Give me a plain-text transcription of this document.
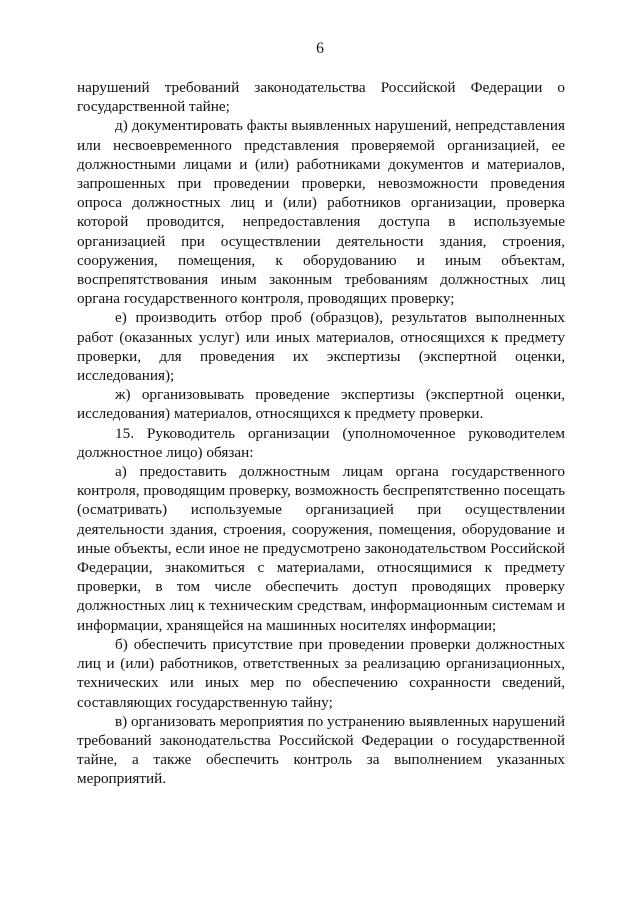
6

нарушений требований законодательства Российской Федерации о государственной тайне;

д) документировать факты выявленных нарушений, непредставления или несвоевременного представления проверяемой организацией, ее должностными лицами и (или) работниками документов и материалов, запрошенных при проведении проверки, невозможности проведения опроса должностных лиц и (или) работников организации, проверка которой проводится, непредоставления доступа в используемые организацией при осуществлении деятельности здания, строения, сооружения, помещения, к оборудованию и иным объектам, воспрепятствования иным законным требованиям должностных лиц органа государственного контроля, проводящих проверку;

е) производить отбор проб (образцов), результатов выполненных работ (оказанных услуг) или иных материалов, относящихся к предмету проверки, для проведения их экспертизы (экспертной оценки, исследования);

ж) организовывать проведение экспертизы (экспертной оценки, исследования) материалов, относящихся к предмету проверки.

15. Руководитель организации (уполномоченное руководителем должностное лицо) обязан:

а) предоставить должностным лицам органа государственного контроля, проводящим проверку, возможность беспрепятственно посещать (осматривать) используемые организацией при осуществлении деятельности здания, строения, сооружения, помещения, оборудование и иные объекты, если иное не предусмотрено законодательством Российской Федерации, знакомиться с материалами, относящимися к предмету проверки, в том числе обеспечить доступ проводящих проверку должностных лиц к техническим средствам, информационным системам и информации, хранящейся на машинных носителях информации;

б) обеспечить присутствие при проведении проверки должностных лиц и (или) работников, ответственных за реализацию организационных, технических или иных мер по обеспечению сохранности сведений, составляющих государственную тайну;

в) организовать мероприятия по устранению выявленных нарушений требований законодательства Российской Федерации о государственной тайне, а также обеспечить контроль за выполнением указанных мероприятий.
